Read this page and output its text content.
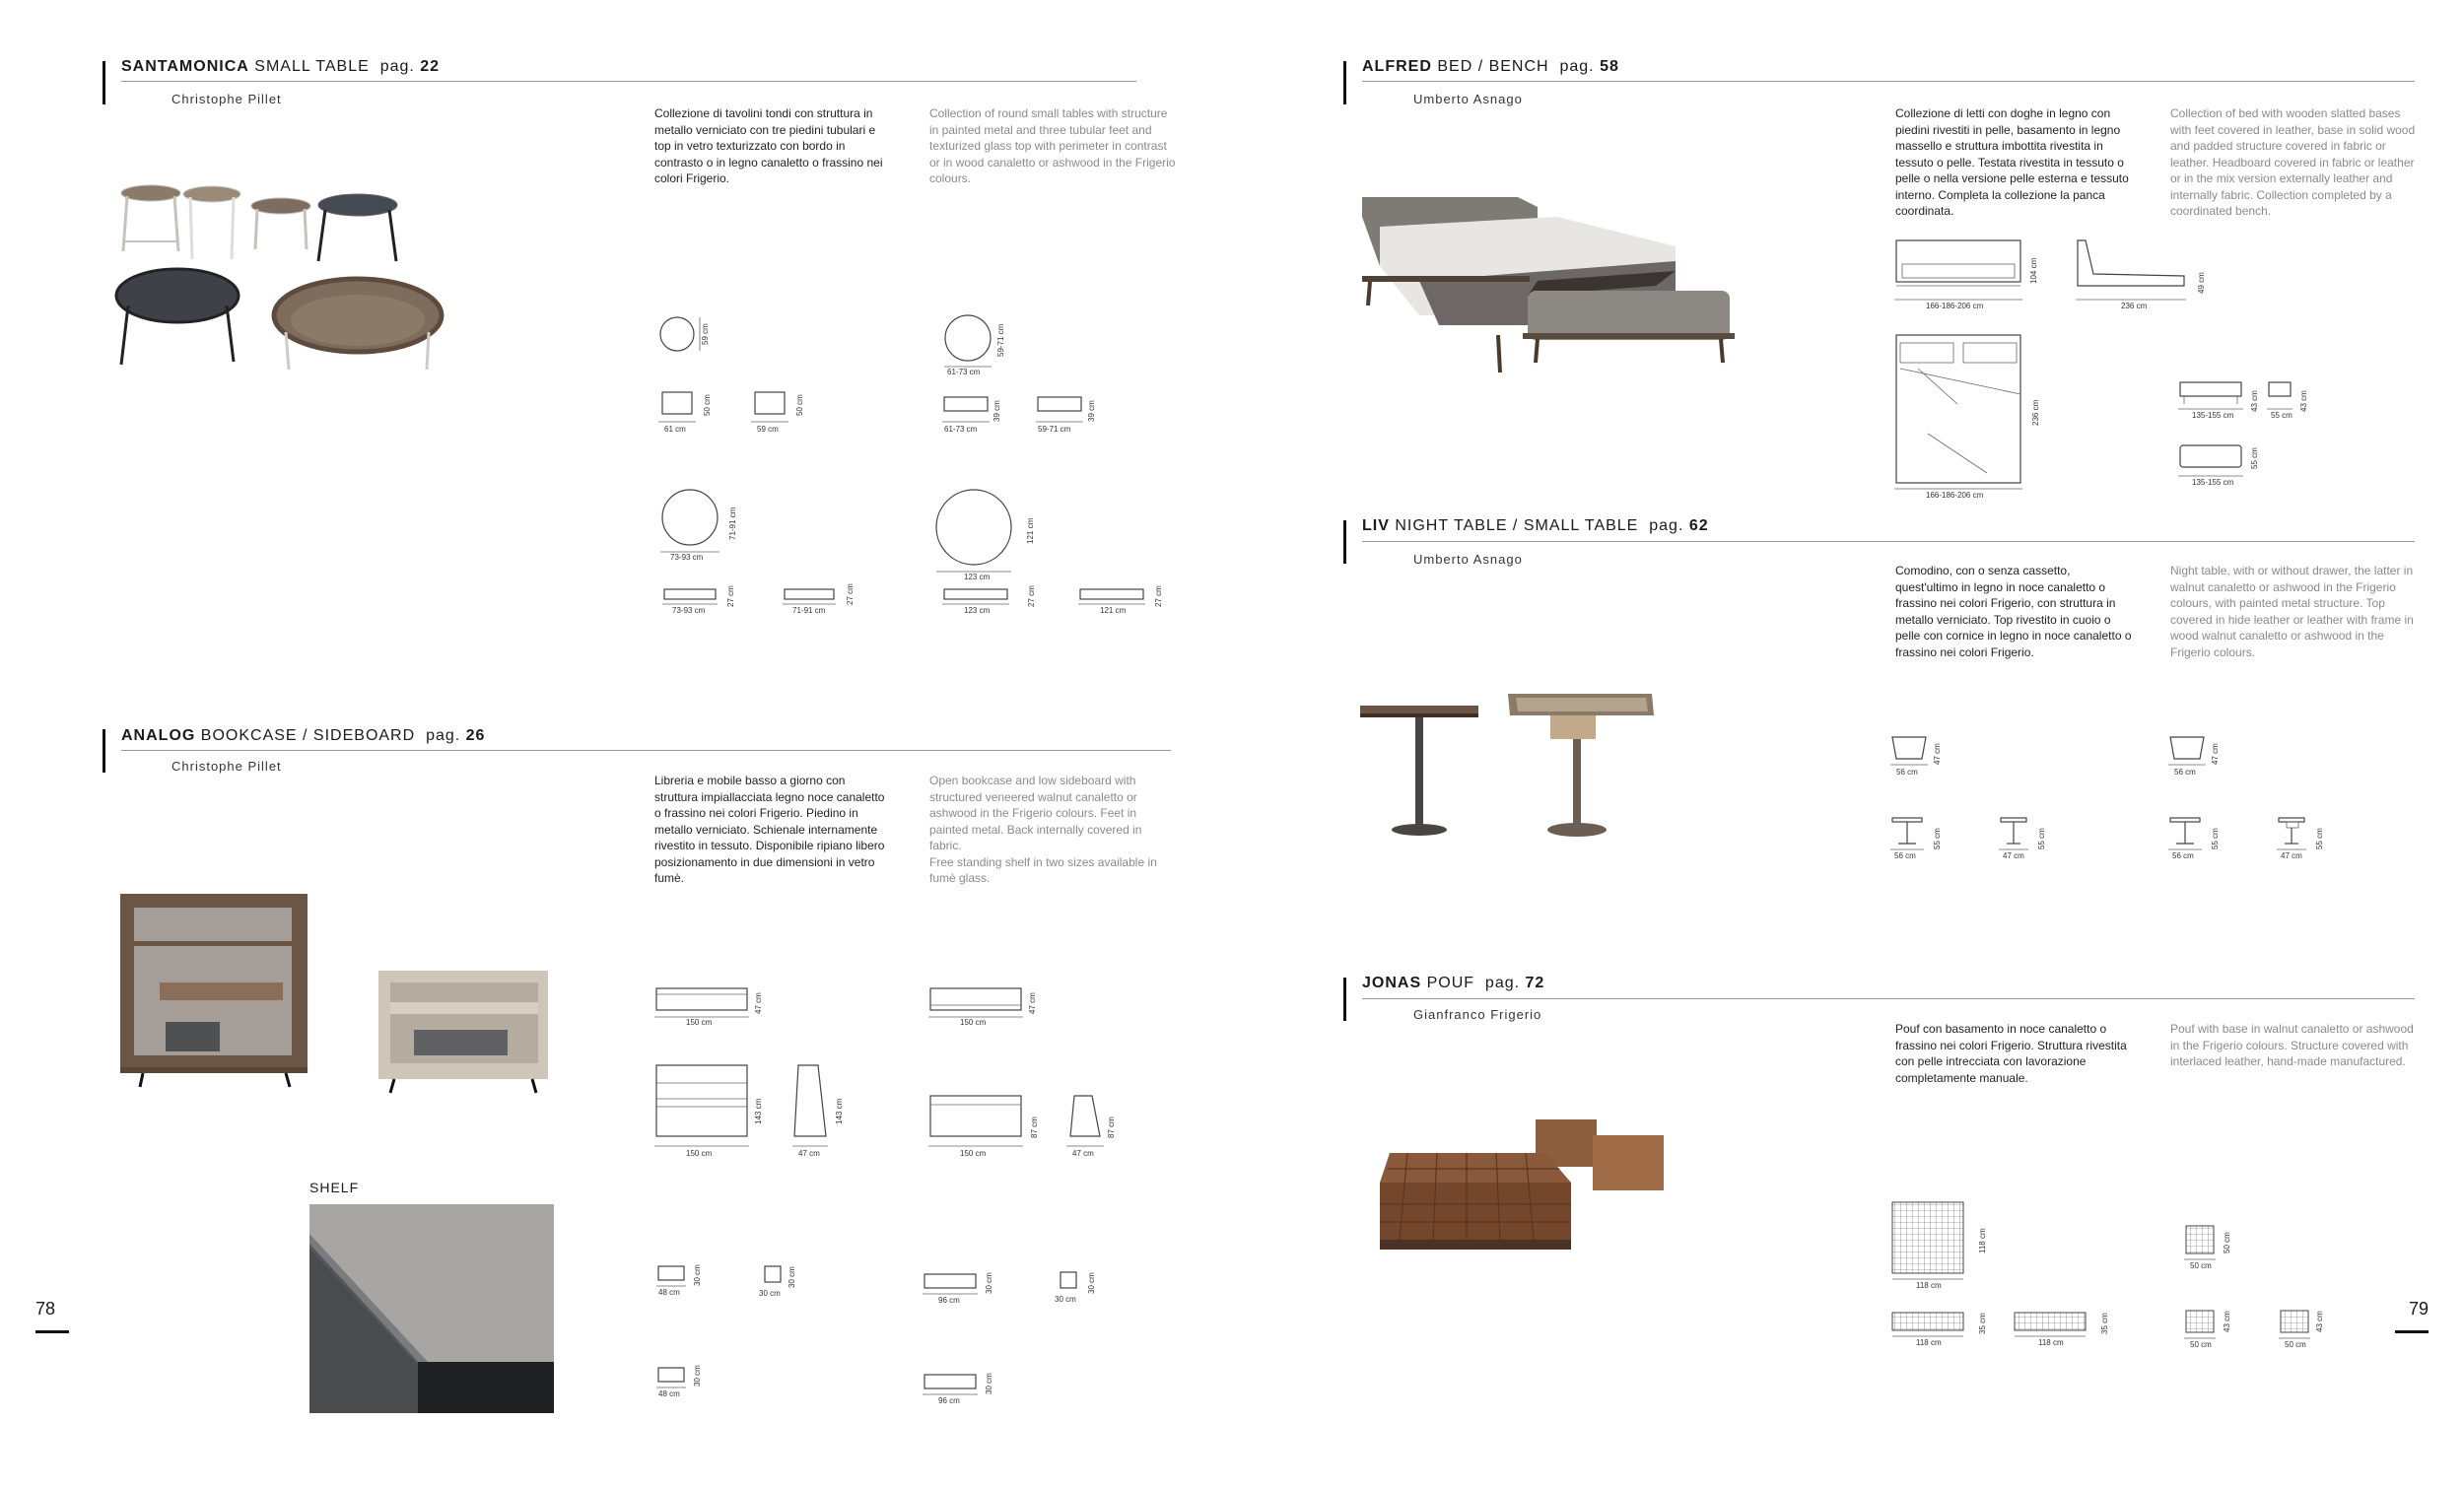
SANTAMONICA SMALL TABLE pag. 22
Christophe Pillet
Collezione di tavolini tondi con struttura in metallo verniciato con tre piedini tubulari e top in vetro texturizzato con bordo in contrasto o in legno canaletto o frassino nei colori Frigerio.
Collection of round small tables with structure in painted metal and three tubular feet and texturized glass top with perimeter in contrast or in wood canaletto or ashwood in the Frigerio colours.
59 cm
61 cm
50 cm
59 cm
50 cm
61-73 cm
59-71 cm
61-73 cm
39 cm
59-71 cm
39 cm
73-93 cm
71-91 cm
73-93 cm
27 cm
71-91 cm
27 cm
123 cm
121 cm
123 cm
27 cm
121 cm
27 cm
ANALOG BOOKCASE / SIDEBOARD pag. 26
Christophe Pillet
Libreria e mobile basso a giorno con struttura impiallacciata legno noce canaletto o frassino nei colori Frigerio. Piedino in metallo verniciato. Schienale internamente rivestito in tessuto. Disponibile ripiano libero posizionamento in due dimensioni in vetro fumè.
Open bookcase and low sideboard with structured veneered walnut canaletto or ashwood in the Frigerio colours. Feet in painted metal. Back internally covered in fabric.
Free standing shelf in two sizes available in fumè glass.
SHELF
150 cm
47 cm
150 cm
47 cm
150 cm
143 cm
47 cm
143 cm
150 cm
87 cm
47 cm
87 cm
48 cm
30 cm
30 cm
30 cm
96 cm
30 cm
30 cm
30 cm
48 cm
30 cm
96 cm
30 cm
78
ALFRED BED / BENCH pag. 58
Umberto Asnago
Collezione di letti con doghe in legno con piedini rivestiti in pelle, basamento in legno massello e struttura imbottita rivestita in tessuto o pelle. Testata rivestita in tessuto o pelle o nella versione pelle esterna e tessuto interno. Completa la collezione la panca coordinata.
Collection of bed with wooden slatted bases with feet covered in leather, base in solid wood and padded structure covered in fabric or leather. Headboard covered in fabric or leather or in the mix version externally leather and internally fabric. Collection completed by a coordinated bench.
166-186-206 cm
104 cm
236 cm
49 cm
166-186-206 cm
236 cm	135-155 cm
43 cm
55 cm
43 cm
135-155 cm
55 cm
LIV NIGHT TABLE / SMALL TABLE pag. 62
Umberto Asnago
Comodino, con o senza cassetto, quest'ultimo in legno in noce canaletto o frassino nei colori Frigerio, con struttura in metallo verniciato. Top rivestito in cuoio o pelle con cornice in legno in noce canaletto o frassino nei colori Frigerio.
Night table, with or without drawer, the latter in walnut canaletto or ashwood in the Frigerio colours, with painted metal structure. Top covered in hide leather or leather with frame in wood walnut canaletto or ashwood in the Frigerio colours.
56 cm
47 cm
56 cm
55 cm
47 cm
55 cm
56 cm
47 cm
56 cm
55 cm
47 cm
55 cm
JONAS POUF pag. 72
Gianfranco Frigerio
Pouf con basamento in noce canaletto o frassino nei colori Frigerio. Struttura rivestita con pelle intrecciata con lavorazione completamente manuale.
Pouf with base in walnut canaletto or ashwood in the Frigerio colours. Structure covered with interlaced leather, hand-made manufactured.
118 cm
118 cm
50 cm
50 cm
118 cm
35 cm
118 cm
35 cm
50 cm
43 cm
50 cm
43 cm
79
